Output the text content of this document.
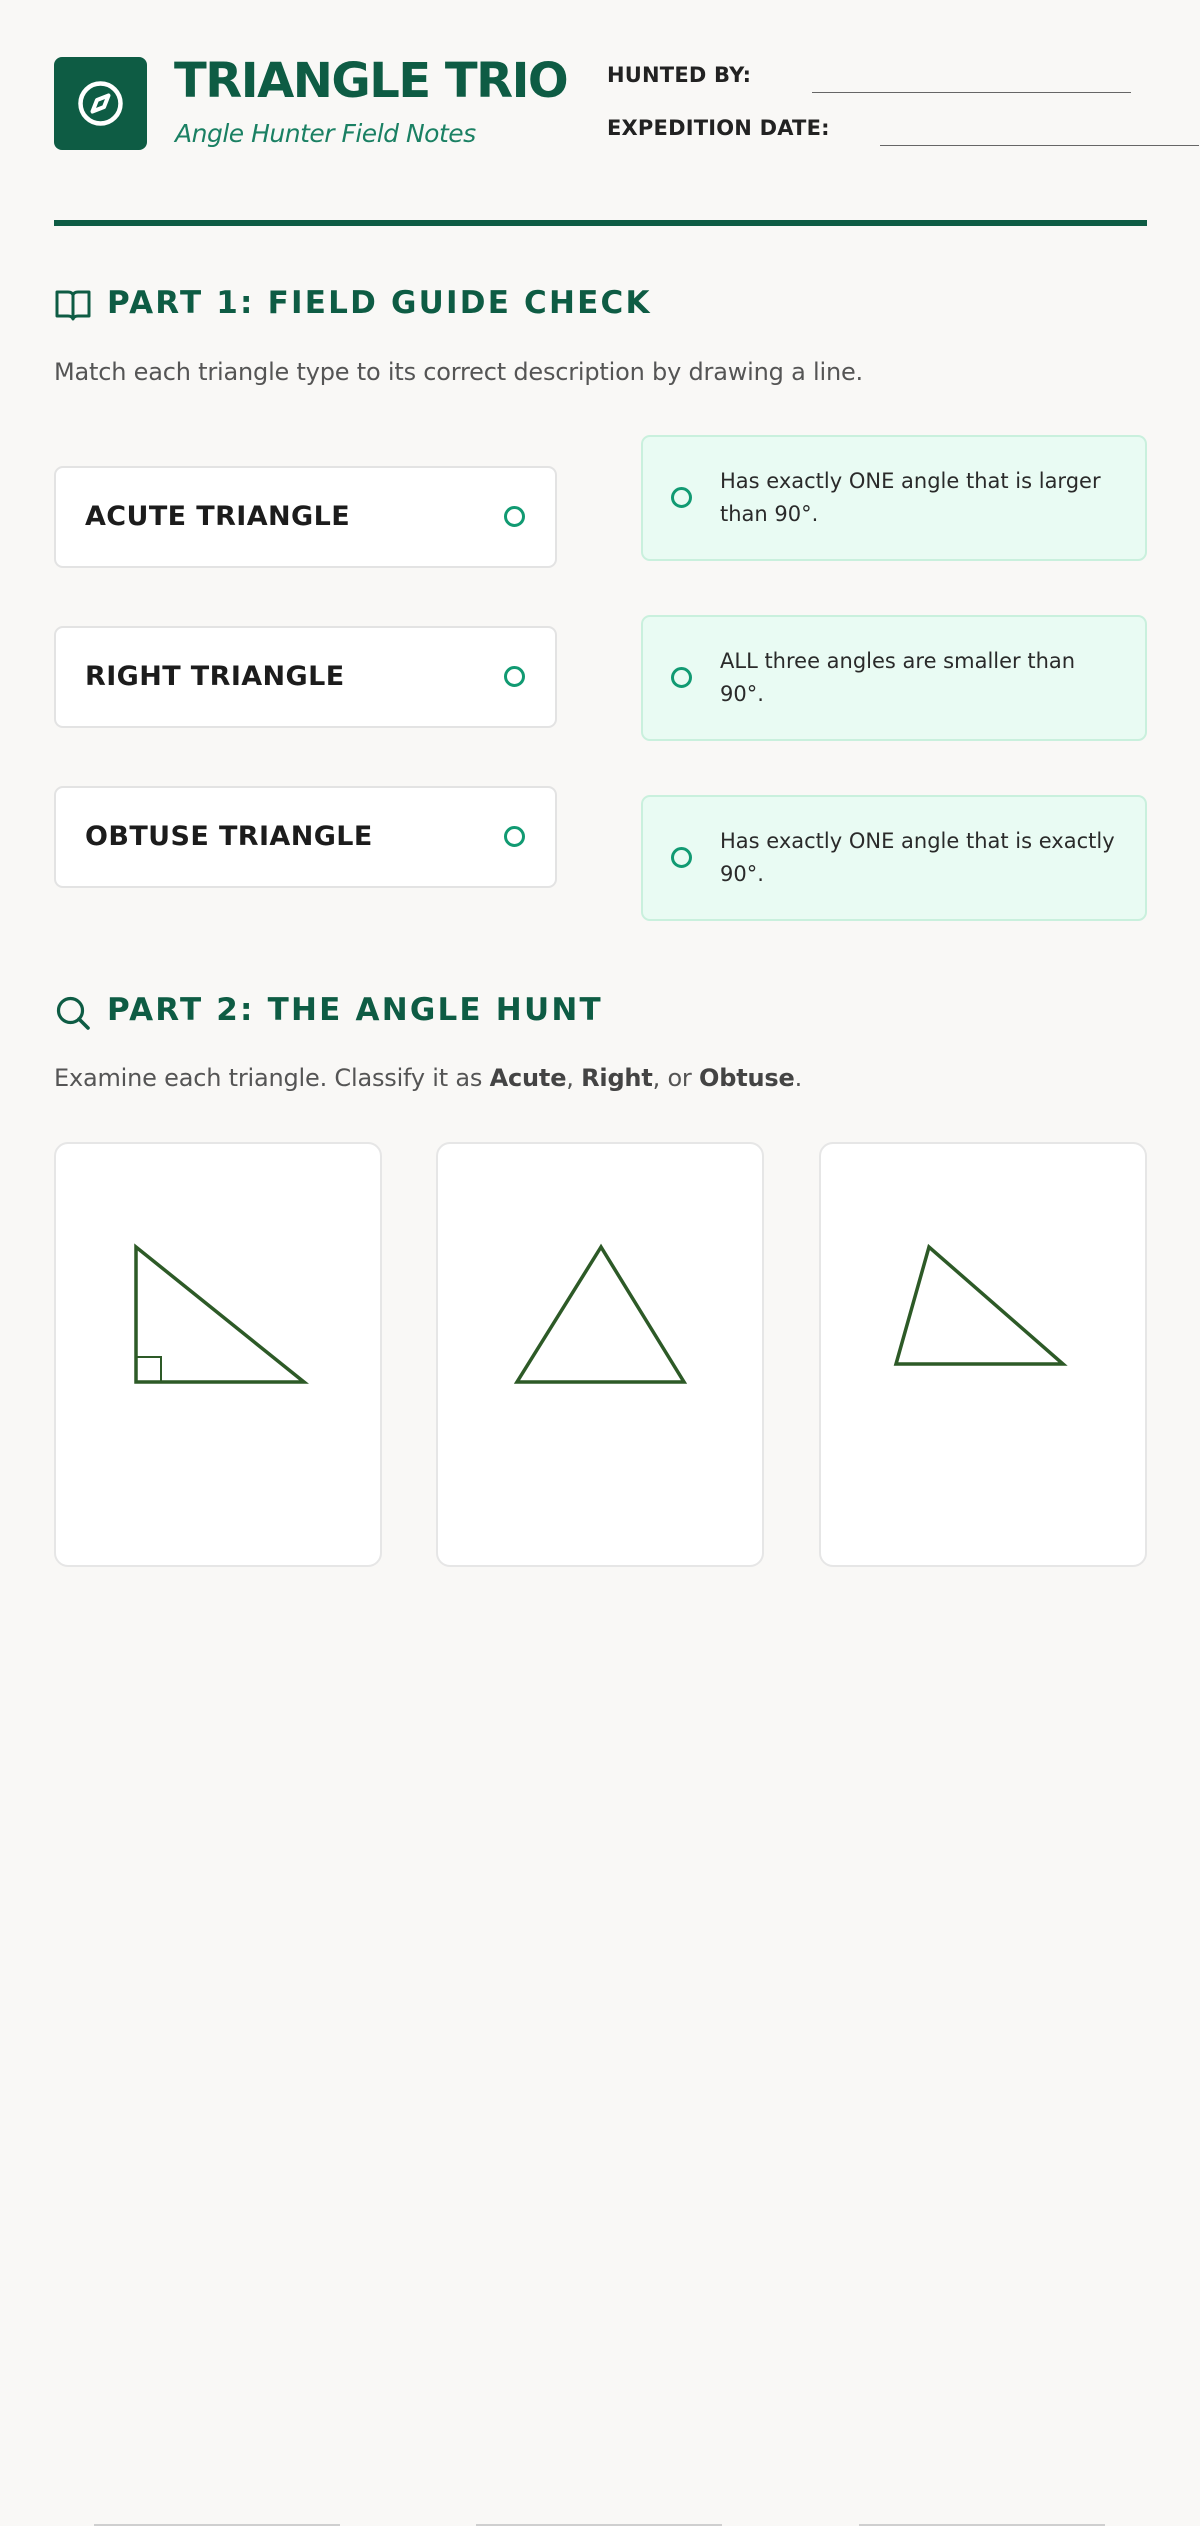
TRIANGLE TRIO
Angle Hunter Field Notes
HUNTED BY:
EXPEDITION DATE:
PART 1: FIELD GUIDE CHECK
Match each triangle type to its correct description by drawing a line.
ACUTE TRIANGLE
RIGHT TRIANGLE
OBTUSE TRIANGLE
Has exactly ONE angle that is larger than 90°.
ALL three angles are smaller than 90°.
Has exactly ONE angle that is exactly 90°.
PART 2: THE ANGLE HUNT
Examine each triangle. Classify it as Acute, Right, or Obtuse.
